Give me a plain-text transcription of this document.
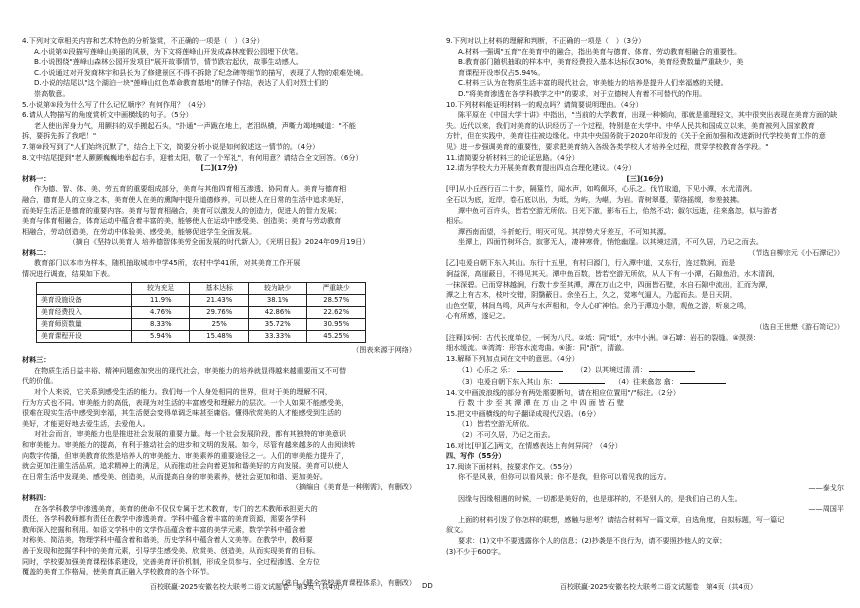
4.下列对文章相关内容和艺术特色的分析鉴赏，不正确的一项是（　）（3分）
A.小说第①段描写莲峰山美丽的风景，为下文将莲峰山开发成森林度假公园埋下伏笔。
B.小说围绕"莲峰山森林公园开发项目"展开故事情节，情节跌宕起伏，故事生动感人。
C.小说通过对开发商林宇和县长为了修建景区不得不拆除了纪念碑等细节的描写，表现了人物的艰难处境。
D.小说的结尾以"这个湖泊一块"莲峰山红色革命教育基地"的牌子作结，表达了人们对烈士们的
崇高敬意。
5.小说第⑤段为什么写了什么记忆顺序？有何作用？（4分）
6.请从人物描写的角度赏析文中画横线的句子。（5分）
老人使出浑身力气，用颤抖的双手搬起石头，"扑通"一声跪在地上，老泪纵横，声嘶力竭地喊道："不能
拆，要拆先拆了我吧！"
7.第⑩段写到了"人们始终沉默了"，结合上下文，简要分析小说是如何叙述这一情节的。（4分）
8.文中结尾提到"老人颤颤巍巍地举起右手，迎着太阳，敬了一个军礼"，有何用意？请结合全文回答。（6分）
[二](17分)
材料一：
作为德、智、体、美、劳五育的重要组成部分，美育与其他四育相互渗透、协同育人。美育与德育相
融合，德育是人的立身之本，美育使人在美的熏陶中提升道德修养，可以使人在日常的生活中追求美好，
而美好生活正是德育的重要内容。美育与智育相融合，美育可以激发人的创造力，促进人的智力发展；
美育与体育相融合，体育运动中蕴含着丰富的美，能够使人在运动中感受美、创造美；美育与劳动教育
相融合，劳动创造美，在劳动中体验美、感受美，能够促进学生全面发展。
（摘自《坚持以美育人 培养德智体美劳全面发展的时代新人》，《光明日报》2024年09月19日）
材料二：
教育部门以本市为样本，随机抽取城市中学45所，农村中学41所，对其美育工作开展
情况进行调查，结果如下表。
	较为充足	基本达标	较为缺少	严重缺少
美育设施设备	11.9%	21.43%	38.1%	28.57%
美育经费投入	4.76%	29.76%	42.86%	22.62%
美育师资数量	8.33%	25%	35.72%	30.95%
美育课程开设	5.94%	15.48%	33.33%	45.25%
（图表来源于网络）
材料三：
在物质生活日益丰裕、精神问题愈加突出的现代社会，审美能力的培养就显得越来越重要而又不可替
代的价值。
对个人来说，它关系到感受生活的能力。我们每一个人身处相同的世界，但对于美的理解不同，
行为方式也不同。审美能力的高低，表现为对生活的丰富感受和理解力的层次。一个人如果不能感受美，
很难在现实生活中感受到幸福，其生活便会变得单调乏味甚至庸俗。懂得欣赏美的人才能感受到生活的
美好，才能更好地去爱生活，去爱他人。
对社会而言，审美能力也是推进社会发展的重要力量。每一个社会发展阶段，都有其独特的审美意识
和审美能力。审美能力的提高，有利于推动社会的进步和文明的发展。如今，尽管有越来越多的人由阅读转
向数字传播，但审美教育依然是培养人的审美能力、审美素养的重要途径之一。人们的审美能力提升了，
就会更加注重生活品质，追求精神上的满足，从而推动社会向着更加和谐美好的方向发展。美育可以使人
在日常生活中发现美、感受美、创造美，从而提高自身的审美素养，使社会更加和谐、更加美好。
（摘编自《美育是一种刚需》，有删改）
材料四：
在各学科教学中渗透美育，美育的使命不仅仅专属于艺术教育，专门的艺术教师承担更大的
责任，各学科教师都有责任在教学中渗透美育。学科中蕴含着丰富的美育资源，需要各学科
教师深入挖掘和利用。如语文学科中的文学作品蕴含着丰富的美学元素，数学学科中蕴含着
对称美、简洁美，物理学科中蕴含着和谐美，历史学科中蕴含着人文美等。在教学中，教师要
善于发现和挖掘学科中的美育元素，引导学生感受美、欣赏美、创造美，从而实现美育的目标。
同时，学校要加强美育课程体系建设，完善美育评价机制，形成全员参与、全过程渗透、全方位
覆盖的美育工作格局，使美育真正融入学校教育的各个环节。
（选自《健全学校美育课程体系》，有删改）
9.下列对以上材料的理解和判断，不正确的一项是（　）（3分）
A.材料一强调"五育"在美育中的融合，指出美育与德育、体育、劳动教育相融合的重要性。
B.教育部门随机抽取的样本中，美育经费投入基本达标仅30%，美育经费数量严重缺少，美
育课程开设率仅占5.94%。
C.材料三认为在物质生活丰富的现代社会，审美能力的培养是提升人们幸福感的关键。
D."将美育渗透在各学科教学之中"的要求，对于立德树人有着不可替代的作用。
10.下列材料能证明材料一的观点吗？请简要说明理由。（4分）
陈平原在《中国大学十讲》中指出，"当前的大学教育，出现一种倾向，那就是重理轻文，其中很突出表现在美育方面的缺
失。近代以来，我们对美育的认识经历了一个过程，特别是在大学中。中华人民共和国成立以来，美育被列入国家教育
方针，但在实践中，美育往往被边缘化。中共中央国务院于2020年印发的《关于全面加强和改进新时代学校美育工作的意
见》进一步强调美育的重要性，要求把美育纳入各级各类学校人才培养全过程，贯穿学校教育各学段。"
11.请简要分析材料三的论证思路。（4分）
12.请为学校大力开展美育教育提出四点合理化建议。（4分）
[三](16分)
[甲]从小丘西行百二十步，隔篁竹，闻水声，如鸣佩环，心乐之。伐竹取道，下见小潭，水尤清冽。
全石以为底，近岸，卷石底以出，为坻，为屿，为嵁，为岩。青树翠蔓，蒙络摇缀，参差披拂。
潭中鱼可百许头，皆若空游无所依。日光下澈，影布石上，佁然不动；俶尔远逝，往来翕忽，似与游者
相乐。
潭西南而望，斗折蛇行，明灭可见。其岸势犬牙差互，不可知其源。
坐潭上，四面竹树环合，寂寥无人，凄神寒骨，悄怆幽邃。以其境过清，不可久居，乃记之而去。
（节选自柳宗元《小石潭记》）
[乙]屯爰自朝下东入其山。东行十五里，有村曰源门，行入潭中道，又东行，连过数涧，而是
涧益深，高崖蔽日，不得见其天。潭中鱼百数，皆若空游无所依，从人下有一小潭，石隙鱼沿，水木清润，
一抹深碧。已而穿林越涧，行数十步至其潭，潭在万山之中，四面皆石壁，水自石隙中流出，汇而为潭，
潭之上有古木，枝叶交错，阴翳蔽日。余坐石上，久之，觉寒气逼人，乃起而去。是日天阴，
山色空蒙，林间鸟鸣，风声与水声相和，令人心旷神怡。余乃于潭边小憩，观鱼之游，听泉之鸣，
心有所感，遂记之。
（选自王世懋《游石笥记》）
[注释]①钶：古代长度单位，一钶为八尺。②坻：同"坻"，水中小洲。③石罅：岩石的裂缝。④淏淏：
细水缓流。⑤湾湾：形容水流弯曲。⑥浙：同"浙"，清澈。
13.解释下列加点词在文中的意思。（4分）
（1）心乐之 乐：	（2）以其境过清 清：
（3）屯爰自朝下东入其山 东：	（4）往来翕忽 翕：
14.文中画波浪线的部分有两处需要断句，请在相应位置用"/"标注。（2分）
行 数 十 步 至 其 潭 潭 在 万 山 之 中 四 面 皆 石 壁
15.把文中画横线的句子翻译成现代汉语。（6分）
（1）皆若空游无所依。
（2）不可久居，乃记之而去。
16.对比[甲][乙]两文，在情感表达上有何异同？（4分）
四、写作（55分）
17.阅读下面材料，按要求作文。（55分）
你不是风景，但你可以看风景；你不是我，但你可以看见我的远方。
——泰戈尔
因缘与因缘相遇的时候，一切都是美好的，也是那样的，不是别人的，是我们自己的人生。
——周国平
上面的材料引发了你怎样的联想，感触与思考？请结合材料写一篇文章，自选角度，自拟标题，写一篇记
叙文。
要求：(1)文中不要透露你个人的信息；(2)抄袭是不良行为，请不要照抄他人的文章；
(3)不少于600字。
DD
百校联赢·2025安徽名校大联考二语文试题卷　第3页（共4页）	百校联赢·2025安徽名校大联考二语文试题卷　第4页（共4页）
